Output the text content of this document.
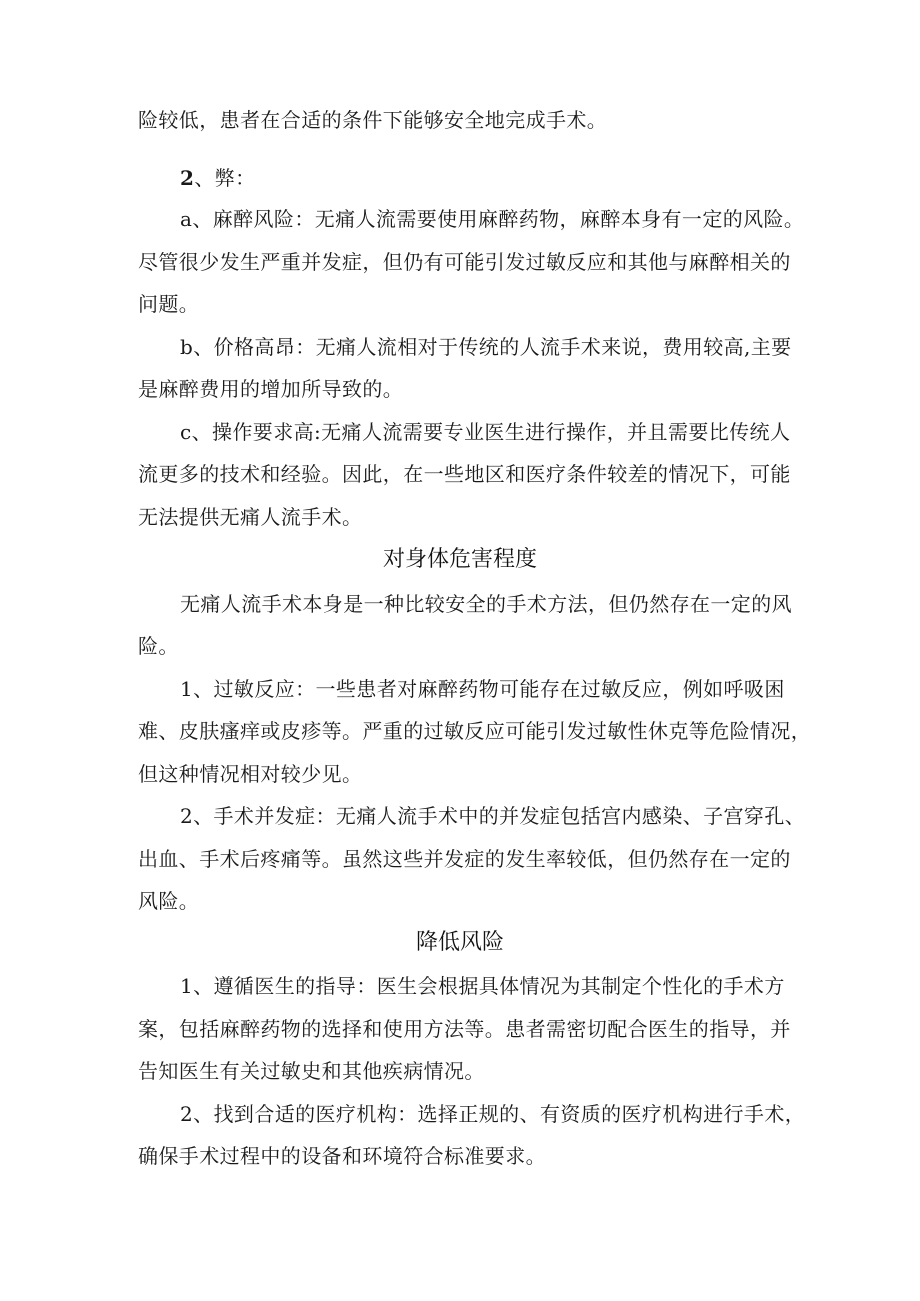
险较低，患者在合适的条件下能够安全地完成手术。
2、弊：
a、麻醉风险：无痛人流需要使用麻醉药物，麻醉本身有一定的风险。
尽管很少发生严重并发症，但仍有可能引发过敏反应和其他与麻醉相关的
问题。
b、价格高昂：无痛人流相对于传统的人流手术来说，费用较高,主要
是麻醉费用的增加所导致的。
c、操作要求高:无痛人流需要专业医生进行操作，并且需要比传统人
流更多的技术和经验。因此，在一些地区和医疗条件较差的情况下，可能
无法提供无痛人流手术。
对身体危害程度
无痛人流手术本身是一种比较安全的手术方法，但仍然存在一定的风
险。
1、过敏反应：一些患者对麻醉药物可能存在过敏反应，例如呼吸困
难、皮肤瘙痒或皮疹等。严重的过敏反应可能引发过敏性休克等危险情况，
但这种情况相对较少见。
2、手术并发症：无痛人流手术中的并发症包括宫内感染、子宫穿孔、
出血、手术后疼痛等。虽然这些并发症的发生率较低，但仍然存在一定的
风险。
降低风险
1、遵循医生的指导：医生会根据具体情况为其制定个性化的手术方
案，包括麻醉药物的选择和使用方法等。患者需密切配合医生的指导，并
告知医生有关过敏史和其他疾病情况。
2、找到合适的医疗机构：选择正规的、有资质的医疗机构进行手术，
确保手术过程中的设备和环境符合标准要求。
